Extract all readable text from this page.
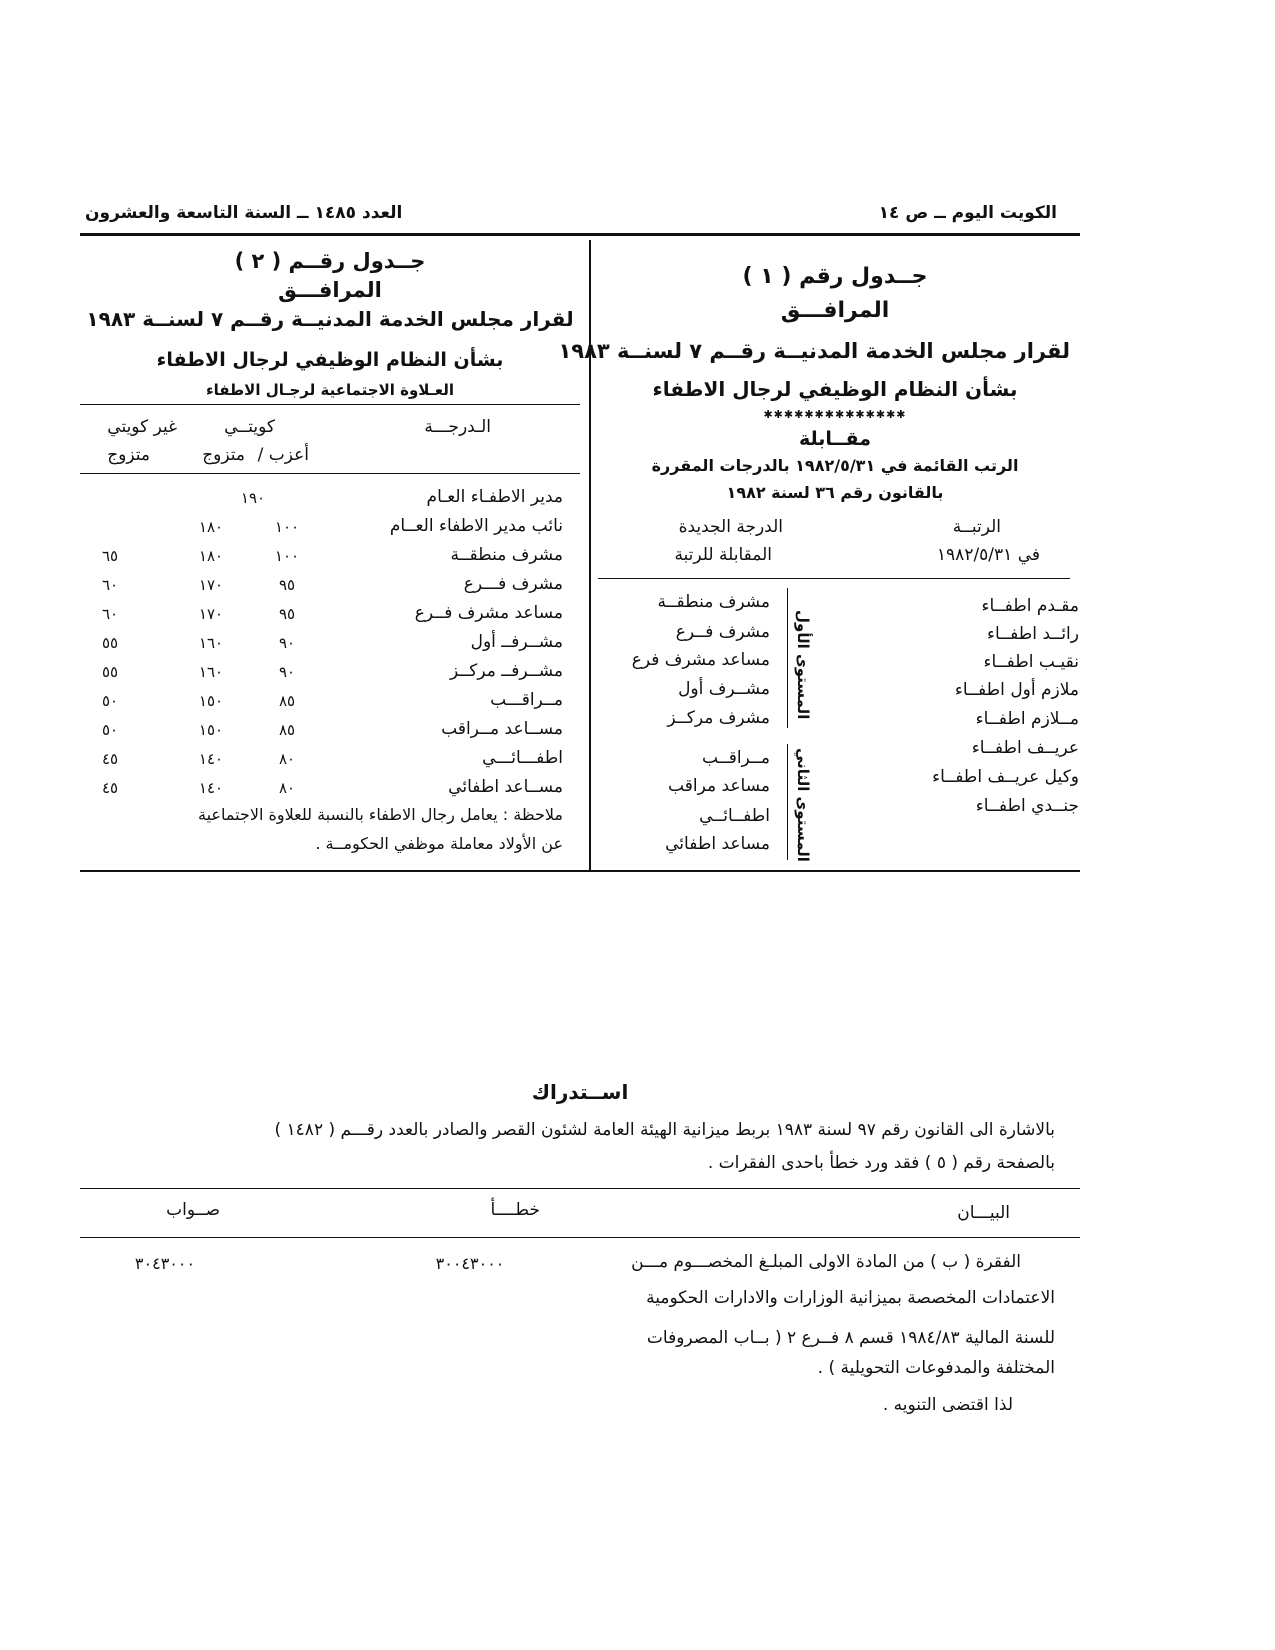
الكويت اليوم ــ ص ١٤
العدد ١٤٨٥ ــ السنة التاسعة والعشرون
جــدول رقم ( ١ )
المرافـــق
لقرار مجلس الخدمة المدنيــة رقــم ٧ لسنــة ١٩٨٣
بشأن النظام الوظيفي لرجال الاطفاء
✱✱✱✱✱✱✱✱✱✱✱✱✱✱
مقــابلة
الرتب القائمة في ١٩٨٢/٥/٣١ بالدرجات المقررة
بالقانون رقم ٣٦ لسنة ١٩٨٢
الرتبــة
في ١٩٨٢/٥/٣١
الدرجة الجديدة
المقابلة للرتبة
مقـدم اطفــاء
رائــد اطفــاء
نقيـب اطفــاء
ملازم أول اطفــاء
مــلازم اطفــاء
عريــف اطفــاء
وكيل عريــف اطفــاء
جنــدي اطفــاء
المستوى الأول
المستوى الثاني
مشرف منطقــة
مشرف فــرع
مساعد مشرف فرع
مشــرف أول
مشرف مركــز
مــراقــب
مساعد مراقب
اطفــائــي
مساعد اطفائي
جــدول رقــم ( ٢ )
المرافـــق
لقرار مجلس الخدمة المدنيــة رقــم ٧ لسنــة ١٩٨٣
بشأن النظام الوظيفي لرجال الاطفاء
العـلاوة الاجتماعية لرجـال الاطفاء
الـدرجـــة
كويتــي
غير كويتي
أعزب /
متزوج
متزوج
مدير الاطفـاء العـام
١٩٠
نائب مدير الاطفاء العــام
١٠٠
١٨٠
مشرف منطقــة
١٠٠
١٨٠
٦٥
مشرف فـــرع
٩٥
١٧٠
٦٠
مساعد مشرف فــرع
٩٥
١٧٠
٦٠
مشــرفــ أول
٩٠
١٦٠
٥٥
مشــرفــ مركــز
٩٠
١٦٠
٥٥
مــراقـــب
٨٥
١٥٠
٥٠
مســاعد مــراقب
٨٥
١٥٠
٥٠
اطفـــائـــي
٨٠
١٤٠
٤٥
مســاعد اطفائي
٨٠
١٤٠
٤٥
ملاحظة : يعامل رجال الاطفاء بالنسبة للعلاوة الاجتماعية
عن الأولاد معاملة موظفي الحكومــة .
اســتدراك
بالاشارة الى القانون رقم ٩٧ لسنة ١٩٨٣ بربط ميزانية الهيئة العامة لشئون القصر والصادر بالعدد رقـــم ( ١٤٨٢ )
بالصفحة رقم ( ٥ ) فقد ورد خطأ باحدى الفقرات .
البيـــان
خطــــأ
صــواب
الفقرة ( ب ) من المادة الاولى المبلـغ المخصـــوم مـــن
الاعتمادات المخصصة بميزانية الوزارات والادارات الحكومية
للسنة المالية ١٩٨٤/٨٣ قسم ٨ فــرع ٢ ( بــاب المصروفات
المختلفة والمدفوعات التحويلية ) .
٣٠٠٤٣٠٠٠
٣٠٤٣٠٠٠
لذا اقتضى التنويه .
